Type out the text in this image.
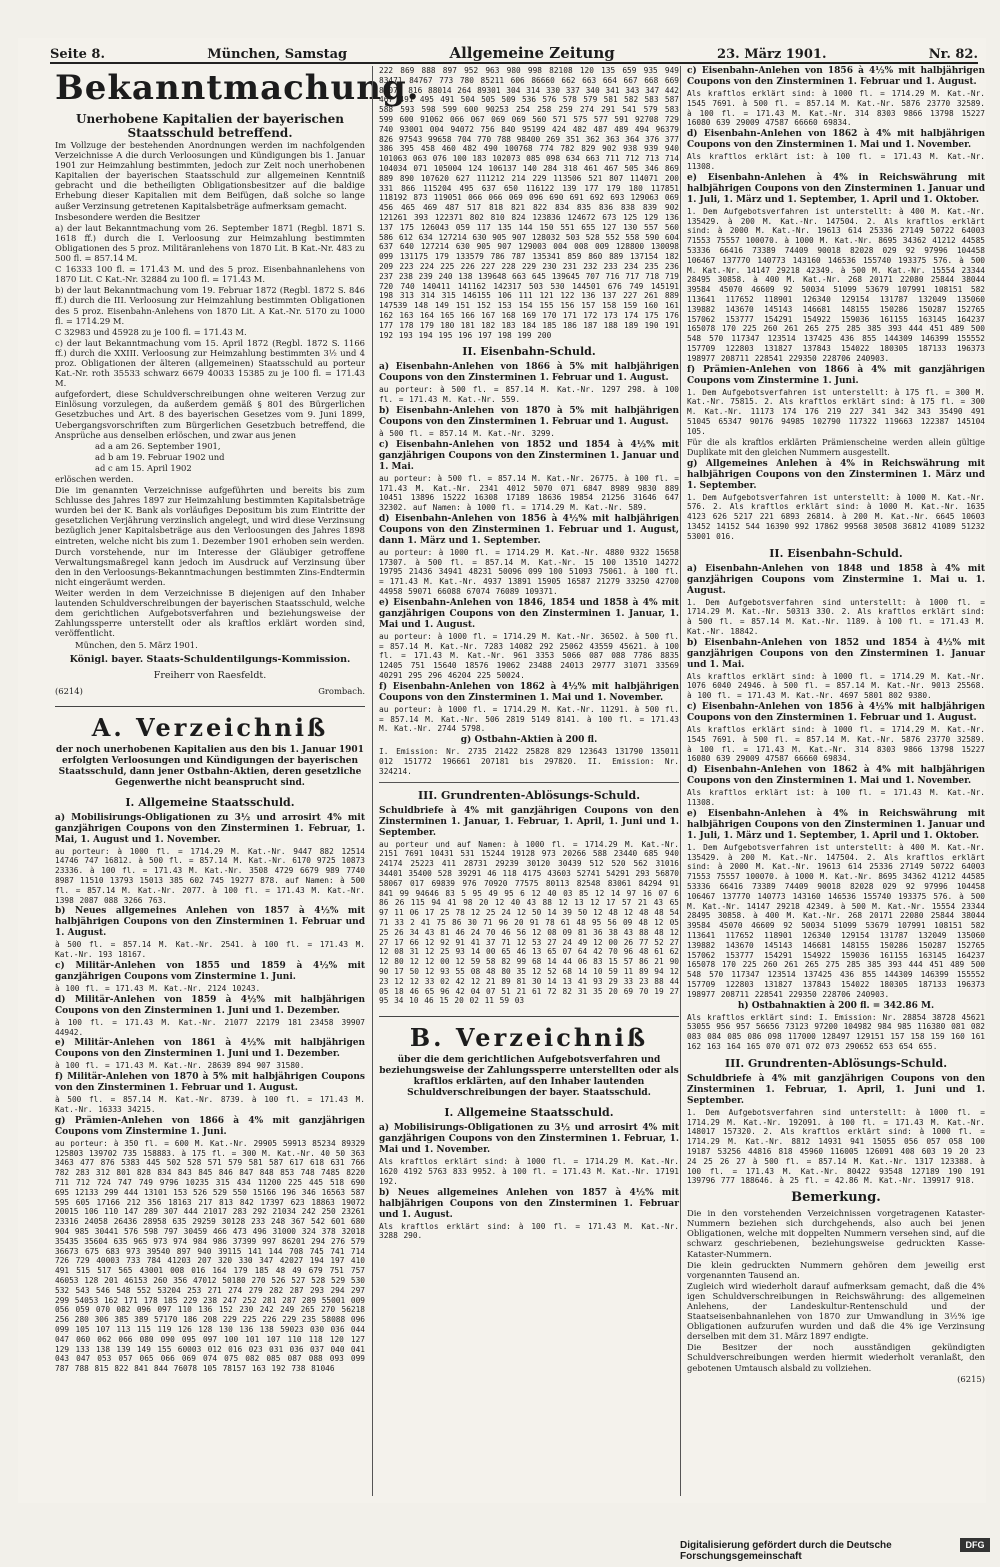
Seite 8.	München, Samstag	Allgemeine Zeitung	23. März 1901.	Nr. 82.
Bekanntmachung.
Unerhobene Kapitalien der bayerischen Staatsschuld betreffend.

Im Vollzuge der bestehenden Anordnungen werden im nachfolgenden Verzeichnisse A die durch Verloosungen und Kündigungen bis 1. Januar 1901 zur Heimzahlung bestimmten, jedoch zur Zeit noch unerhobenen Kapitalien der bayerischen Staatsschuld zur allgemeinen Kenntniß gebracht und die betheiligten Obligationsbesitzer auf die baldige Erhebung dieser Kapitalien mit dem Beifügen, daß solche so lange außer Verzinsung getretenen Kapitalsbeträge aufmerksam gemacht.

Insbesondere werden die Besitzer

a) der laut Bekanntmachung vom 26. September 1871 (Regbl. 1871 S. 1618 ff.) durch die I. Verloosung zur Heimzahlung bestimmten Obligationen des 5 proz. Militäranlehens von 1870 Lit. B Kat.-Nr. 483 zu 500 fl. = 857.14 M.

C 16333 100 fl. = 171.43 M. und des 5 proz. Eisenbahnanlehens von 1870 Lit. C Kat.-Nr. 32884 zu 100 fl. = 171.43 M.

b) der laut Bekanntmachung vom 19. Februar 1872 (Regbl. 1872 S. 846 ff.) durch die III. Verloosung zur Heimzahlung bestimmten Obligationen des 5 proz. Eisenbahn-Anlehens von 1870 Lit. A Kat.-Nr. 5170 zu 1000 fl. = 1714.29 M.

C 32983 und 45928 zu je 100 fl. = 171.43 M.

c) der laut Bekanntmachung vom 15. April 1872 (Regbl. 1872 S. 1166 ff.) durch die XXIII. Verloosung zur Heimzahlung bestimmten 3½ und 4 proz. Obligationen der älteren (allgemeinen) Staatsschuld au porteur Kat.-Nr. roth 35533 schwarz 6679 40033 15385 zu je 100 fl. = 171.43 M.

aufgefordert, diese Schuldverschreibungen ohne weiteren Verzug zur Einlösung vorzulegen, da außerdem gemäß § 801 des Bürgerlichen Gesetzbuches und Art. 8 des bayerischen Gesetzes vom 9. Juni 1899, Uebergangsvorschriften zum Bürgerlichen Gesetzbuch betreffend, die Ansprüche aus denselben erlöschen, und zwar aus jenen

ad a am 26. September 1901,

ad b am 19. Februar 1902 und

ad c am 15. April 1902

erlöschen werden.

Die im genannten Verzeichnisse aufgeführten und bereits bis zum Schlusse des Jahres 1897 zur Heimzahlung bestimmten Kapitalsbeträge wurden bei der K. Bank als vorläufiges Depositum bis zum Eintritte der gesetzlichen Verjährung verzinslich angelegt, und wird diese Verzinsung bezüglich jener Kapitalsbeträge aus den Verloosungen des Jahres 1898 eintreten, welche nicht bis zum 1. Dezember 1901 erhoben sein werden.

Durch vorstehende, nur im Interesse der Gläubiger getroffene Verwaltungsmaßregel kann jedoch im Ausdruck auf Verzinsung über den in den Verloosungs-Bekanntmachungen bestimmten Zins-Endtermin nicht eingeräumt werden.

Weiter werden in dem Verzeichnisse B diejenigen auf den Inhaber lautenden Schuldverschreibungen der bayerischen Staatsschuld, welche dem gerichtlichen Aufgebotsverfahren und beziehungsweise der Zahlungssperre unterstellt oder als kraftlos erklärt worden sind, veröffentlicht.

München, den 5. März 1901.

Königl. bayer. Staats-Schuldentilgungs-Kommission.
Freiherr von Raesfeldt.
(6214)	Grombach.
A. Verzeichniß
der noch unerhobenen Kapitalien aus den bis 1. Januar 1901 erfolgten Verloosungen und Kündigungen der bayerischen Staatsschuld, dann jener Ostbahn-Aktien, deren gesetzliche Gegenwerthe nicht beansprucht sind.
I. Allgemeine Staatsschuld.

a) Mobilisirungs-Obligationen zu 3½ und arrosirt 4% mit ganzjährigen Coupons von den Zinsterminen 1. Februar, 1. Mai, 1. August und 1. November.

au porteur: à 1000 fl. = 1714.29 M. Kat.-Nr. 9447 882 12514 14746 747 16812. à 500 fl. = 857.14 M. Kat.-Nr. 6170 9725 10873 23336. à 100 fl. = 171.43 M. Kat.-Nr. 3508 4729 6679 989 7740 8987 11510 13793 15013 385 602 745 19277 878. auf Namen: à 500 fl. = 857.14 M. Kat.-Nr. 2077. à 100 fl. = 171.43 M. Kat.-Nr. 1398 2087 088 3266 763.

b) Neues allgemeines Anlehen von 1857 à 4½% mit halbjährigen Coupons von den Zinsterminen 1. Februar und 1. August.

à 500 fl. = 857.14 M. Kat.-Nr. 2541. à 100 fl. = 171.43 M. Kat.-Nr. 193 18167.

c) Militär-Anlehen von 1855 und 1859 à 4½% mit ganzjährigen Coupons vom Zinstermine 1. Juni.

à 100 fl. = 171.43 M. Kat.-Nr. 2124 10243.

d) Militär-Anlehen von 1859 à 4½% mit halbjährigen Coupons von den Zinsterminen 1. Juni und 1. Dezember.

à 100 fl. = 171.43 M. Kat.-Nr. 21077 22179 181 23458 39907 44942.

e) Militär-Anlehen von 1861 à 4½% mit halbjährigen Coupons von den Zinsterminen 1. Juni und 1. Dezember.

à 100 fl. = 171.43 M. Kat.-Nr. 28639 894 907 31580.

f) Militär-Anlehen von 1870 à 5% mit halbjährigen Coupons von den Zinsterminen 1. Februar und 1. August.

à 500 fl. = 857.14 M. Kat.-Nr. 8739. à 100 fl. = 171.43 M. Kat.-Nr. 16333 34215.

g) Prämien-Anlehen von 1866 à 4% mit ganzjährigen Coupons vom Zinstermine 1. Juni.

au porteur: à 350 fl. = 600 M. Kat.-Nr. 29905 59913 85234 89329 125803 139702 735 158883. à 175 fl. = 300 M. Kat.-Nr. 40 50 363 3463 477 876 5383 445 502 528 571 579 581 587 617 618 631 766 782 283 312 801 828 834 843 845 846 847 848 853 748 7485 8220 711 712 724 747 749 9796 10235 315 434 11200 225 445 518 690 695 12133 299 444 13101 153 526 529 550 15166 196 346 16563 587 595 605 17166 212 356 18163 217 813 842 17397 623 18863 19072 20015 106 110 147 289 307 444 21017 283 292 21034 242 250 23261 23316 24058 26436 28958 635 29259 30128 233 248 367 542 601 680 904 985 30441 576 598 797 30459 466 473 496 31000 324 378 32018 35435 35604 635 965 973 974 984 986 37399 997 86201 294 276 579 36673 675 683 973 39540 897 940 39115 141 144 708 745 741 714 726 729 40003 733 784 41203 207 320 330 347 42027 194 197 410 491 515 517 565 43001 008 016 164 179 185 48 49 679 751 757 46053 128 201 46153 260 356 47012 50180 270 526 527 528 529 530 532 543 546 548 552 53204 253 271 274 279 282 287 293 294 297 299 54053 162 171 178 185 229 238 247 252 281 287 289 55001 009 056 059 070 082 096 097 110 136 152 230 242 249 265 270 56218 256 280 306 385 389 57170 186 208 229 225 226 229 235 58088 096 099 105 107 113 115 119 126 128 130 136 138 59023 030 036 044 047 060 062 066 080 090 095 097 100 101 107 110 118 120 127 129 133 138 139 149 155 60003 012 016 023 031 036 037 040 041 043 047 053 057 065 066 069 074 075 082 085 087 088 093 099 787 788 815 822 841 844 76078 105 78157 163 192 738 81046

222 869 888 897 952 963 980 998 82108 120 135 659 935 949 83471 84767 773 780 85211 606 86660 662 663 664 667 668 669 87077 816 88014 264 89301 304 314 330 337 340 341 343 347 442 467 491 495 491 504 505 509 536 576 578 579 581 582 583 587 588 593 598 599 600 90253 254 258 259 274 291 541 579 583 599 600 91062 066 067 069 069 560 571 575 577 591 92708 729 740 93001 004 94072 756 840 95199 424 482 487 489 494 96379 826 97543 99658 704 770 788 98400 269 351 362 363 364 376 377 386 395 458 460 482 490 100768 774 782 829 902 938 939 940 101063 063 076 100 183 102073 085 098 634 663 711 712 713 714 104034 071 105004 124 106137 140 284 318 461 467 505 346 869 889 890 107620 627 111212 214 229 113506 521 807 114071 200 331 866 115204 495 637 650 116122 139 177 179 180 117851 118192 873 119051 066 066 069 096 690 691 692 693 129063 069 456 465 469 487 517 818 821 822 834 835 836 838 839 902 121261 393 122371 802 810 824 123836 124672 673 125 129 136 137 175 126043 059 117 135 144 150 551 655 127 130 557 560 586 612 634 127214 630 905 907 128032 503 528 552 558 590 604 637 640 127214 630 905 907 129003 004 008 009 128800 130098 099 131175 179 133579 786 787 135341 859 860 889 137154 182 209 223 224 225 226 227 228 229 230 231 232 233 234 235 236 237 238 239 240 138 139648 663 645 139645 707 716 717 718 719 720 740 140411 141162 142317 503 530 144501 676 749 145191 198 313 314 315 146155 106 111 121 122 136 137 227 261 889 147539 148 149 151 152 153 154 155 156 157 158 159 160 161 162 163 164 165 166 167 168 169 170 171 172 173 174 175 176 177 178 179 180 181 182 183 184 185 186 187 188 189 190 191 192 193 194 195 196 197 198 199 200

II. Eisenbahn-Schuld.

a) Eisenbahn-Anlehen von 1866 à 5% mit halbjährigen Coupons von den Zinsterminen 1. Februar und 1. August.

au porteur: à 500 fl. = 857.14 M. Kat.-Nr. 1297 298. à 100 fl. = 171.43 M. Kat.-Nr. 559.

b) Eisenbahn-Anlehen von 1870 à 5% mit halbjährigen Coupons von den Zinsterminen 1. Februar und 1. August.

à 500 fl. = 857.14 M. Kat.-Nr. 3299.

c) Eisenbahn-Anlehen von 1852 und 1854 à 4½% mit ganzjährigen Coupons von den Zinsterminen 1. Januar und 1. Mai.

au porteur: à 500 fl. = 857.14 M. Kat.-Nr. 26775. à 100 fl. = 171.43 M. Kat.-Nr. 2341 4012 5070 071 6847 8989 9830 889 10451 13896 15222 16308 17189 18636 19854 21256 31646 647 32302. auf Namen: à 1000 fl. = 1714.29 M. Kat.-Nr. 589.

d) Eisenbahn-Anlehen von 1856 à 4½% mit halbjährigen Coupons von den Zinsterminen 1. Februar und 1. August, dann 1. März und 1. September.

au porteur: à 1000 fl. = 1714.29 M. Kat.-Nr. 4880 9322 15658 17307. à 500 fl. = 857.14 M. Kat.-Nr. 15 100 13510 14272 19795 21436 34941 48231 50096 099 100 51093 75061. à 100 fl. = 171.43 M. Kat.-Nr. 4937 13891 15905 16587 21279 33250 42700 44958 59071 66088 67074 76089 109371.

e) Eisenbahn-Anlehen von 1846, 1854 und 1858 à 4% mit ganzjährigen Coupons von den Zinsterminen 1. Januar, 1. Mai und 1. August.

au porteur: à 1000 fl. = 1714.29 M. Kat.-Nr. 36502. à 500 fl. = 857.14 M. Kat.-Nr. 7283 14082 292 25062 43559 45621. à 100 fl. = 171.43 M. Kat.-Nr. 961 3353 5066 087 088 7786 8835 12405 751 15640 18576 19062 23488 24013 29777 31071 33569 40291 295 296 46204 225 50024.

f) Eisenbahn-Anlehen von 1862 à 4½% mit halbjährigen Coupons von den Zinsterminen 1. Mai und 1. November.

au porteur: à 1000 fl. = 1714.29 M. Kat.-Nr. 11291. à 500 fl. = 857.14 M. Kat.-Nr. 506 2819 5149 8141. à 100 fl. = 171.43 M. Kat.-Nr. 2744 5798.

g) Ostbahn-Aktien à 200 fl.

I. Emission: Nr. 2735 21422 25828 829 123643 131790 135011 012 151772 196661 207181 bis 297820. II. Emission: Nr. 324214.

III. Grundrenten-Ablösungs-Schuld.

Schuldbriefe à 4% mit ganzjährigen Coupons von den Zinsterminen 1. Januar, 1. Februar, 1. April, 1. Juni und 1. September.

au porteur und auf Namen: à 1000 fl. = 1714.29 M. Kat.-Nr. 2151 7691 10431 531 15244 19128 973 20266 588 23440 685 940 24174 25223 411 28731 29239 30120 30439 512 520 562 31016 34401 35400 528 39291 46 118 4175 43603 52741 54291 293 56870 58067 017 69839 976 70920 77575 80113 82548 83061 84294 91 841 99 94646 83 5 95 49 95 6 12 40 03 85 12 14 97 16 07 6 86 26 115 94 41 98 20 12 40 43 88 12 13 12 17 57 21 43 65 97 11 06 17 25 78 12 25 24 12 50 14 39 50 12 48 12 48 48 54 71 33 2 41 75 86 30 71 96 20 91 78 61 48 95 56 09 48 12 05 25 26 34 43 81 46 24 70 46 56 12 08 09 81 36 38 43 88 48 12 27 17 66 12 92 91 41 37 71 12 53 27 24 49 12 00 26 77 52 27 12 08 31 12 25 93 14 00 65 46 13 65 07 64 42 70 96 48 61 62 12 80 12 12 00 12 59 58 82 99 68 14 44 06 83 15 57 86 21 90 90 17 50 12 93 55 08 48 80 35 12 52 68 14 10 59 11 89 94 12 23 12 12 33 02 42 12 21 89 81 30 14 13 41 93 29 33 23 88 44 05 18 46 65 96 42 04 07 51 21 61 72 82 31 35 20 69 70 19 27 95 34 10 46 15 20 02 11 59 03

B. Verzeichniß
über die dem gerichtlichen Aufgebotsverfahren und beziehungsweise der Zahlungssperre unterstellten oder als kraftlos erklärten, auf den Inhaber lautenden Schuldverschreibungen der bayer. Staatsschuld.
I. Allgemeine Staatsschuld.

a) Mobilisirungs-Obligationen zu 3½ und arrosirt 4% mit ganzjährigen Coupons von den Zinsterminen 1. Februar, 1. Mai und 1. November.

Als kraftlos erklärt sind: à 1000 fl. = 1714.29 M. Kat.-Nr. 1620 4192 5763 833 9952. à 100 fl. = 171.43 M. Kat.-Nr. 17191 192.

b) Neues allgemeines Anlehen von 1857 à 4½% mit halbjährigen Coupons von den Zinsterminen 1. Februar und 1. August.

Als kraftlos erklärt sind: à 100 fl. = 171.43 M. Kat.-Nr. 3288 290.

c) Eisenbahn-Anlehen von 1856 à 4½% mit halbjährigen Coupons von den Zinsterminen 1. Februar und 1. August.

Als kraftlos erklärt sind: à 1000 fl. = 1714.29 M. Kat.-Nr. 1545 7691. à 500 fl. = 857.14 M. Kat.-Nr. 5876 23770 32589. à 100 fl. = 171.43 M. Kat.-Nr. 314 8303 9866 13798 15227 16080 639 29009 47587 66660 69834.

d) Eisenbahn-Anlehen von 1862 à 4% mit halbjährigen Coupons von den Zinsterminen 1. Mai und 1. November.

Als kraftlos erklärt ist: à 100 fl. = 171.43 M. Kat.-Nr. 11308.

e) Eisenbahn-Anlehen à 4% in Reichswährung mit halbjährigen Coupons von den Zinsterminen 1. Januar und 1. Juli, 1. März und 1. September, 1. April und 1. Oktober.

1. Dem Aufgebotsverfahren ist unterstellt: à 400 M. Kat.-Nr. 135429. à 200 M. Kat.-Nr. 147504. 2. Als kraftlos erklärt sind: à 2000 M. Kat.-Nr. 19613 614 25336 27149 50722 64003 71553 75557 100070. à 1000 M. Kat.-Nr. 8695 34362 41212 44585 53336 66416 73389 74409 90018 82028 029 92 97996 104458 106467 137770 140773 143160 146536 155740 193375 576. à 500 M. Kat.-Nr. 14147 29218 42349. à 500 M. Kat.-Nr. 15554 23344 28495 30858. à 400 M. Kat.-Nr. 268 20171 22080 25844 38044 39584 45070 46609 92 50034 51099 53679 107991 108151 582 113641 117652 118901 126340 129154 131787 132049 135060 139882 143670 145143 146681 148155 150286 150287 152765 157062 153777 154291 154922 159036 161155 163145 164237 165078 170 225 260 261 265 275 285 385 393 444 451 489 500 548 570 117347 123514 137425 436 855 144309 146399 155552 157709 122803 131827 137843 154022 180305 187133 196373 198977 208711 228541 229350 228706 240903.

f) Prämien-Anlehen von 1866 à 4% mit ganzjährigen Coupons vom Zinstermine 1. Juni.

1. Dem Aufgebotsverfahren ist unterstellt: à 175 fl. = 300 M. Kat.-Nr. 75815. 2. Als kraftlos erklärt sind: à 175 fl. = 300 M. Kat.-Nr. 11173 174 176 219 227 341 342 343 35490 491 51045 65347 90176 94985 102790 117322 119663 122387 145104 105.

Für die als kraftlos erklärten Prämienscheine werden allein gültige Duplikate mit den gleichen Nummern ausgestellt.

g) Allgemeines Anlehen à 4% in Reichswährung mit halbjährigen Coupons von den Zinsterminen 1. März und 1. September.

1. Dem Aufgebotsverfahren ist unterstellt: à 1000 M. Kat.-Nr. 576. 2. Als kraftlos erklärt sind: à 1000 M. Kat.-Nr. 1635 4123 626 5217 221 6893 26814. à 200 M. Kat.-Nr. 6645 10603 13452 14152 544 16390 992 17862 99568 30508 36812 41089 51232 53001 016.

II. Eisenbahn-Schuld.

a) Eisenbahn-Anlehen von 1848 und 1858 à 4% mit ganzjährigen Coupons vom Zinstermine 1. Mai u. 1. August.

1. Dem Aufgebotsverfahren sind unterstellt: à 1000 fl. = 1714.29 M. Kat.-Nr. 50313 330. 2. Als kraftlos erklärt sind: à 500 fl. = 857.14 M. Kat.-Nr. 1189. à 100 fl. = 171.43 M. Kat.-Nr. 18842.

b) Eisenbahn-Anlehen von 1852 und 1854 à 4½% mit ganzjährigen Coupons von den Zinsterminen 1. Januar und 1. Mai.

Als kraftlos erklärt sind: à 1000 fl. = 1714.29 M. Kat.-Nr. 1076 6040 24946. à 500 fl. = 857.14 M. Kat.-Nr. 9013 25568. à 100 fl. = 171.43 M. Kat.-Nr. 4697 5801 802 9380.

c) Eisenbahn-Anlehen von 1856 à 4½% mit halbjährigen Coupons von den Zinsterminen 1. Februar und 1. August.

Als kraftlos erklärt sind: à 1000 fl. = 1714.29 M. Kat.-Nr. 1545 7691. à 500 fl. = 857.14 M. Kat.-Nr. 5876 23770 32589. à 100 fl. = 171.43 M. Kat.-Nr. 314 8303 9866 13798 15227 16080 639 29009 47587 66660 69834.

d) Eisenbahn-Anlehen von 1862 à 4% mit halbjährigen Coupons von den Zinsterminen 1. Mai und 1. November.

Als kraftlos erklärt ist: à 100 fl. = 171.43 M. Kat.-Nr. 11308.

e) Eisenbahn-Anlehen à 4% in Reichswährung mit halbjährigen Coupons von den Zinsterminen 1. Januar und 1. Juli, 1. März und 1. September, 1. April und 1. Oktober.

1. Dem Aufgebotsverfahren ist unterstellt: à 400 M. Kat.-Nr. 135429. à 200 M. Kat.-Nr. 147504. 2. Als kraftlos erklärt sind: à 2000 M. Kat.-Nr. 19613 614 25336 27149 50722 64003 71553 75557 100070. à 1000 M. Kat.-Nr. 8695 34362 41212 44585 53336 66416 73389 74409 90018 82028 029 92 97996 104458 106467 137770 140773 143160 146536 155740 193375 576. à 500 M. Kat.-Nr. 14147 29218 42349. à 500 M. Kat.-Nr. 15554 23344 28495 30858. à 400 M. Kat.-Nr. 268 20171 22080 25844 38044 39584 45070 46609 92 50034 51099 53679 107991 108151 582 113641 117652 118901 126340 129154 131787 132049 135060 139882 143670 145143 146681 148155 150286 150287 152765 157062 153777 154291 154922 159036 161155 163145 164237 165078 170 225 260 261 265 275 285 385 393 444 451 489 500 548 570 117347 123514 137425 436 855 144309 146399 155552 157709 122803 131827 137843 154022 180305 187133 196373 198977 208711 228541 229350 228706 240903.

h) Ostbahnaktien à 200 fl. = 342.86 M.

Als kraftlos erklärt sind: I. Emission: Nr. 28854 38728 45621 53055 956 957 56656 73123 97200 104982 984 985 116380 081 082 083 084 085 086 098 117000 128497 129151 157 158 159 160 161 162 163 164 165 070 071 072 073 290652 653 654 655.

III. Grundrenten-Ablösungs-Schuld.

Schuldbriefe à 4% mit ganzjährigen Coupons von den Zinsterminen 1. Februar, 1. April, 1. Juni und 1. September.

1. Dem Aufgebotsverfahren sind unterstellt: à 1000 fl. = 1714.29 M. Kat.-Nr. 192091. à 100 fl. = 171.43 M. Kat.-Nr. 148017 157320. 2. Als kraftlos erklärt sind: à 1000 fl. = 1714.29 M. Kat.-Nr. 8812 14931 941 15055 056 057 058 100 19187 53256 44816 818 45960 116005 126091 408 603 19 20 23 24 25 26 27 à 500 fl. = 857.14 M. Kat.-Nr. 1317 123388. à 100 fl. = 171.43 M. Kat.-Nr. 80422 93548 127189 190 191 139796 777 188646. à 25 fl. = 42.86 M. Kat.-Nr. 139917 918.

Bemerkung.

Die in den vorstehenden Verzeichnissen vorgetragenen Kataster-Nummern beziehen sich durchgehends, also auch bei jenen Obligationen, welche mit doppelten Nummern versehen sind, auf die schwarz geschriebenen, beziehungsweise gedruckten Kasse-Kataster-Nummern.

Die klein gedruckten Nummern gehören dem jeweilig erst vorgenannten Tausend an.

Zugleich wird wiederholt darauf aufmerksam gemacht, daß die 4% igen Schuldverschreibungen in Reichswährung: des allgemeinen Anlehens, der Landeskultur-Rentenschuld und der Staatseisenbahnanlehen von 1870 zur Umwandlung in 3½% ige Obligationen aufzurufen wurden und daß die 4% ige Verzinsung derselben mit dem 31. März 1897 endigte.

Die Besitzer der noch ausständigen gekündigten Schuldverschreibungen werden hiermit wiederholt veranlaßt, den gebotenen Umtausch alsbald zu vollziehen.

(6215)

Digitalisierung gefördert durch die Deutsche Forschungsgemeinschaft
DFG
